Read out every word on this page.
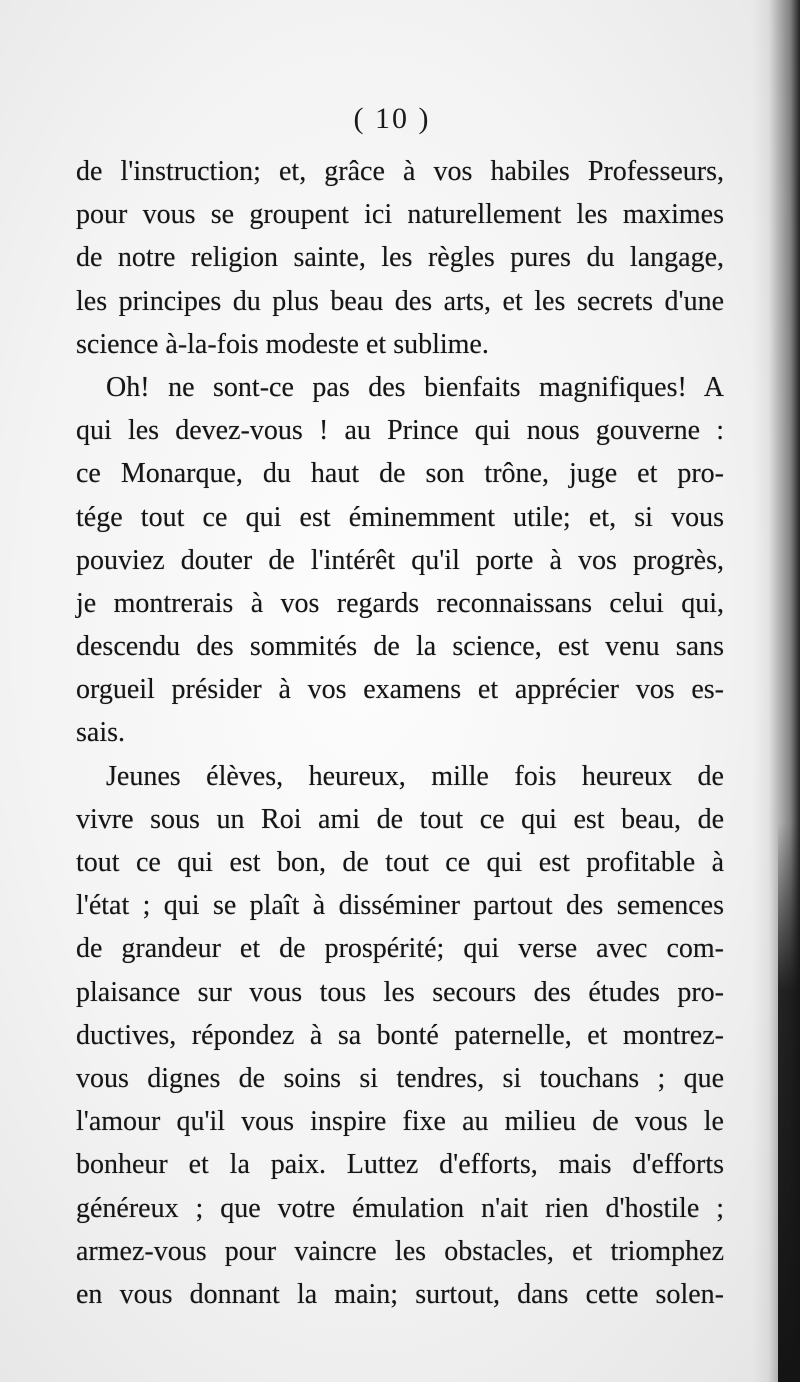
( 10 )
de l'instruction; et, grâce à vos habiles Professeurs,
pour vous se groupent ici naturellement les maximes
de notre religion sainte, les règles pures du langage,
les principes du plus beau des arts, et les secrets d'une
science à-la-fois modeste et sublime.
Oh! ne sont-ce pas des bienfaits magnifiques! A
qui les devez-vous ! au Prince qui nous gouverne :
ce Monarque, du haut de son trône, juge et pro-
tége tout ce qui est éminemment utile; et, si vous
pouviez douter de l'intérêt qu'il porte à vos progrès,
je montrerais à vos regards reconnaissans celui qui,
descendu des sommités de la science, est venu sans
orgueil présider à vos examens et apprécier vos es-
sais.
Jeunes élèves, heureux, mille fois heureux de
vivre sous un Roi ami de tout ce qui est beau, de
tout ce qui est bon, de tout ce qui est profitable à
l'état ; qui se plaît à disséminer partout des semences
de grandeur et de prospérité; qui verse avec com-
plaisance sur vous tous les secours des études pro-
ductives, répondez à sa bonté paternelle, et montrez-
vous dignes de soins si tendres, si touchans ; que
l'amour qu'il vous inspire fixe au milieu de vous le
bonheur et la paix. Luttez d'efforts, mais d'efforts
généreux ; que votre émulation n'ait rien d'hostile ;
armez-vous pour vaincre les obstacles, et triomphez
en vous donnant la main; surtout, dans cette solen-
